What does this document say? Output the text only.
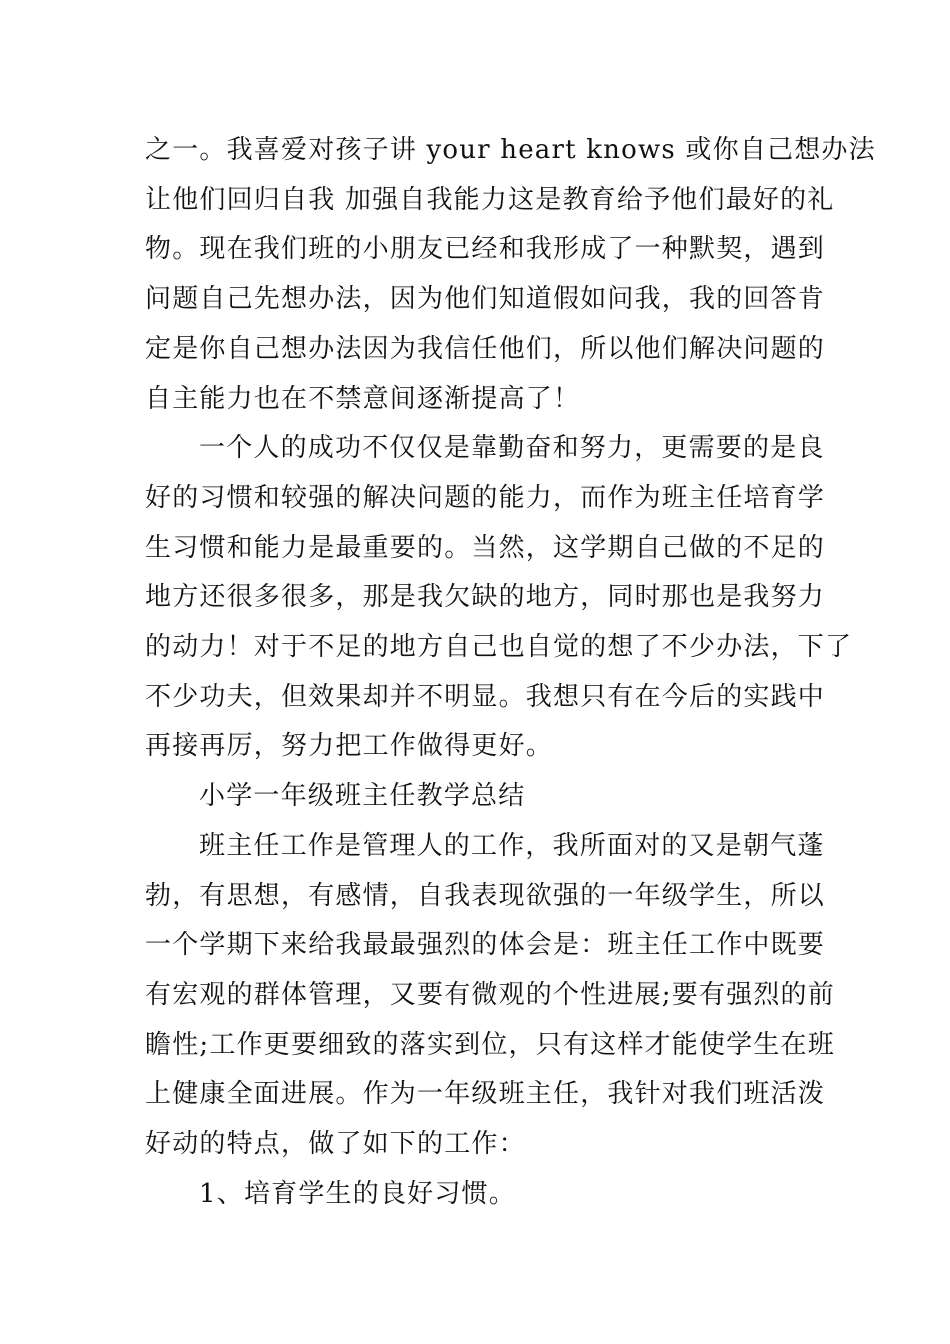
之一。我喜爱对孩子讲 your heart knows 或你自己想办法
让他们回归自我 加强自我能力这是教育给予他们最好的礼
物。现在我们班的小朋友已经和我形成了一种默契，遇到
问题自己先想办法，因为他们知道假如问我，我的回答肯
定是你自己想办法因为我信任他们，所以他们解决问题的
自主能力也在不禁意间逐渐提高了！

一个人的成功不仅仅是靠勤奋和努力，更需要的是良
好的习惯和较强的解决问题的能力，而作为班主任培育学
生习惯和能力是最重要的。当然，这学期自己做的不足的
地方还很多很多，那是我欠缺的地方，同时那也是我努力
的动力！对于不足的地方自己也自觉的想了不少办法，下了
不少功夫，但效果却并不明显。我想只有在今后的实践中
再接再厉，努力把工作做得更好。

小学一年级班主任教学总结

班主任工作是管理人的工作，我所面对的又是朝气蓬
勃，有思想，有感情，自我表现欲强的一年级学生，所以
一个学期下来给我最最强烈的体会是：班主任工作中既要
有宏观的群体管理，又要有微观的个性进展;要有强烈的前
瞻性;工作更要细致的落实到位，只有这样才能使学生在班
上健康全面进展。作为一年级班主任，我针对我们班活泼
好动的特点，做了如下的工作：

1、培育学生的良好习惯。
